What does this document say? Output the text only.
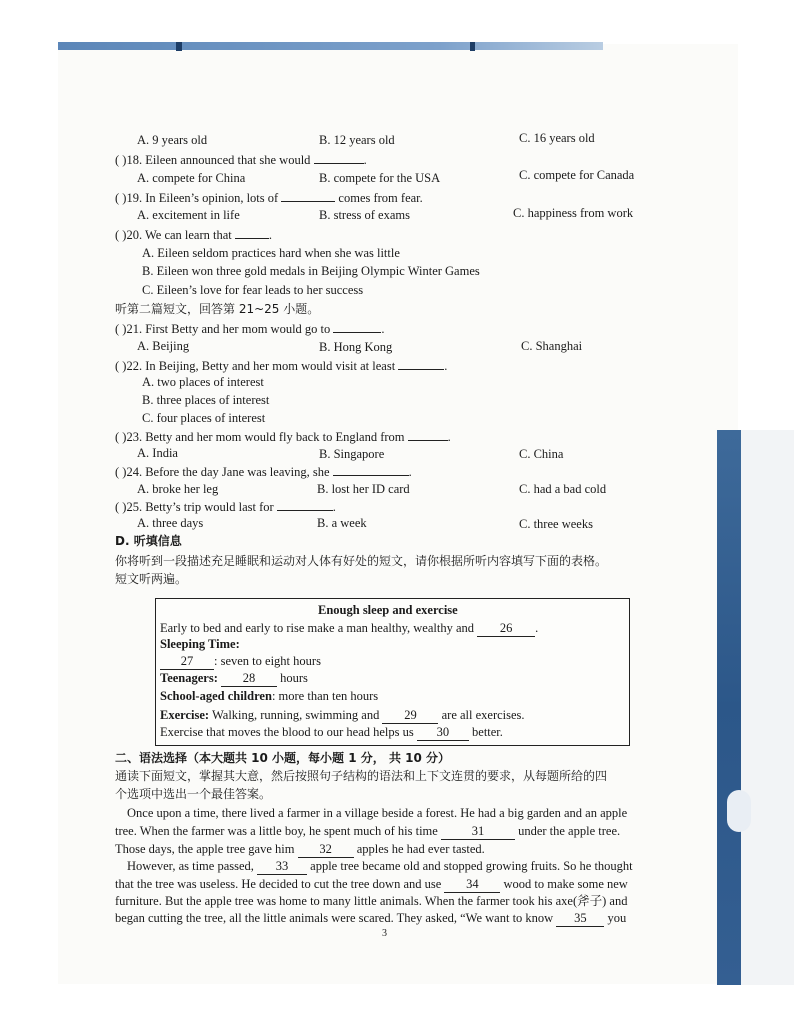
A. 9 years old	B. 12 years old	C. 16 years old
( )18. Eileen announced that she would	.
A. compete for China	B. compete for the USA	C. compete for Canada
( )19. In Eileen’s opinion, lots of	comes from fear.
A. excitement in life	B. stress of exams	C. happiness from work
( )20. We can learn that	.
A. Eileen seldom practices hard when she was little
B. Eileen won three gold medals in Beijing Olympic Winter Games
C. Eileen’s love for fear leads to her success
听第二篇短文，回答第 21~25 小题。
( )21. First Betty and her mom would go to	.
A. Beijing	B. Hong Kong	C. Shanghai
( )22. In Beijing, Betty and her mom would visit at least	.
A. two places of interest
B. three places of interest
C. four places of interest
( )23. Betty and her mom would fly back to England from	.
A. India	B. Singapore	C. China
( )24. Before the day Jane was leaving, she	.
A. broke her leg	B. lost her ID card	C. had a bad cold
( )25. Betty’s trip would last for	.
A. three days	B. a week	C. three weeks
D. 听填信息
你将听到一段描述充足睡眠和运动对人体有好处的短文，请你根据所听内容填写下面的表格。
短文听两遍。
Enough sleep and exercise
Early to bed and early to rise make a man healthy, wealthy and 26 .
Sleeping Time:
27 : seven to eight hours
Teenagers: 28 hours
School-aged children: more than ten hours
Exercise: Walking, running, swimming and 29 are all exercises.
Exercise that moves the blood to our head helps us 30 better.
二、语法选择（本大题共 10 小题，每小题 1 分， 共 10 分）
通读下面短文，掌握其大意，然后按照句子结构的语法和上下文连贯的要求，从每题所给的四
个选项中选出一个最佳答案。
Once upon a time, there lived a farmer in a village beside a forest. He had a big garden and an apple
tree. When the farmer was a little boy, he spent much of his time	31	under the apple tree.
Those days, the apple tree gave him 32 apples he had ever tasted.
However, as time passed, 33 apple tree became old and stopped growing fruits. So he thought
that the tree was useless. He decided to cut the tree down and use 34 wood to make some new
furniture. But the apple tree was home to many little animals. When the farmer took his axe(斧子) and
began cutting the tree, all the little animals were scared. They asked, “We want to know 35 you
3
